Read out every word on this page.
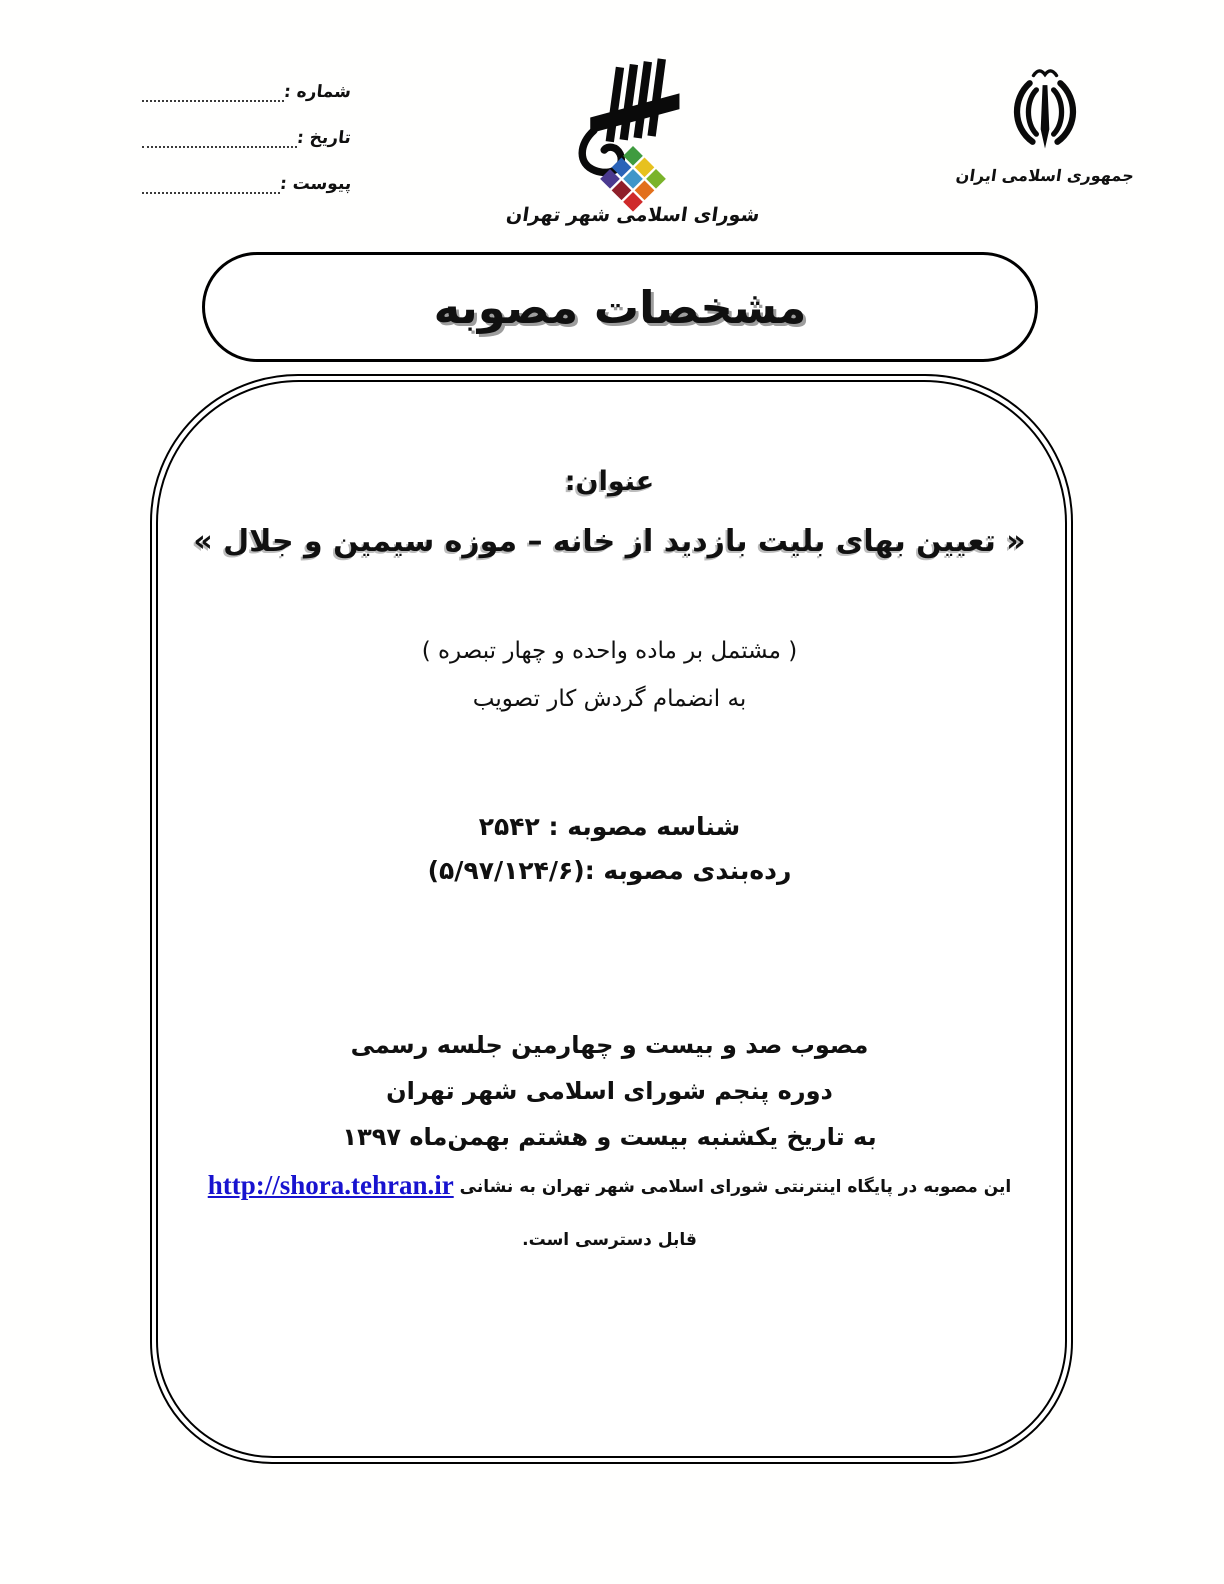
شماره :
تاریخ :
پیوست :
شورای اسلامی شهر تهران
جمهوری اسلامی ایران
مشخصات مصوبه
عنوان:
« تعیین بهای بلیت بازدید از خانه – موزه سیمین و جلال »
( مشتمل بر ماده واحده و چهار تبصره )
به انضمام گردش کار تصویب
شناسه مصوبه : ۲۵۴۲
رده‌بندی مصوبه :(۵/۹۷/۱۲۴/۶)
مصوب صد و بیست و چهارمین جلسه رسمی
دوره پنجم شورای اسلامی شهر تهران
به تاریخ یکشنبه بیست و هشتم بهمن‌ماه ۱۳۹۷
این مصوبه در پایگاه اینترنتی شورای اسلامی شهر تهران به نشانی http://shora.tehran.ir
قابل دسترسی است.
